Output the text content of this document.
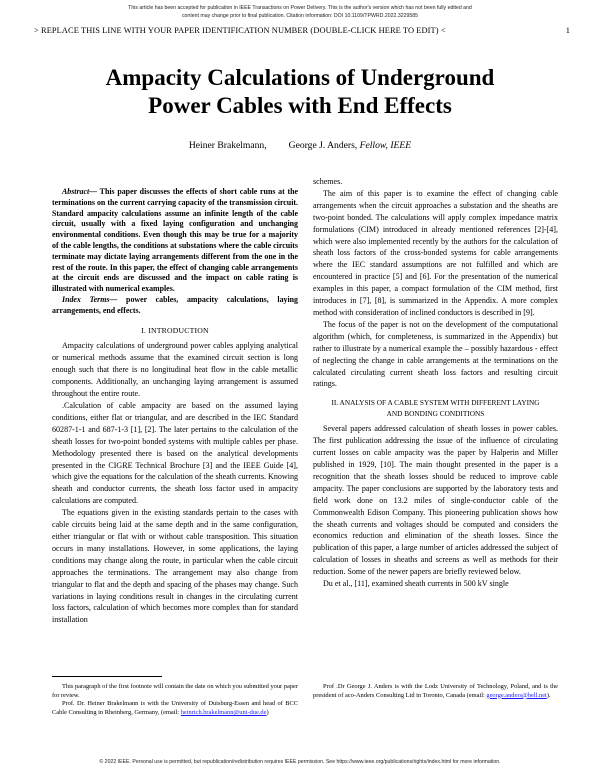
This article has been accepted for publication in IEEE Transactions on Power Delivery. This is the author's version which has not been fully edited and
content may change prior to final publication. Citation information: DOI 10.1109/TPWRD.2022.3229585
> REPLACE THIS LINE WITH YOUR PAPER IDENTIFICATION NUMBER (DOUBLE-CLICK HERE TO EDIT) <	1
Ampacity Calculations of Underground
Power Cables with End Effects
Heiner Brakelmann, George J. Anders, Fellow, IEEE

Abstract— This paper discusses the effects of short cable runs at the terminations on the current carrying capacity of the transmission circuit. Standard ampacity calculations assume an infinite length of the cable circuit, usually with a fixed laying configuration and unchanging environmental conditions. Even though this may be true for a majority of the cable lengths, the conditions at substations where the cable circuits terminate may dictate laying arrangements different from the one in the rest of the route. In this paper, the effect of changing cable arrangements at the circuit ends are discussed and the impact on cable rating is illustrated with numerical examples.

Index Terms— power cables, ampacity calculations, laying arrangements, end effects.

I. INTRODUCTION

Ampacity calculations of underground power cables applying analytical or numerical methods assume that the examined circuit section is long enough such that there is no longitudinal heat flow in the cable metallic components. Additionally, an unchanging laying arrangement is assumed throughout the entire route.

.Calculation of cable ampacity are based on the assumed laying conditions, either flat or triangular, and are described in the IEC Standard 60287-1-1 and 687-1-3 [1], [2]. The later pertains to the calculation of the sheath losses for two-point bonded systems with multiple cables per phase. Methodology presented there is based on the analytical developments presented in the CIGRE Technical Brochure [3] and the IEEE Guide [4], which give the equations for the calculation of the sheath currents. Knowing sheath and conductor currents, the sheath loss factor used in ampacity calculations are computed.

The equations given in the existing standards pertain to the cases with cable circuits being laid at the same depth and in the same configuration, either triangular or flat with or without cable transposition. This situation occurs in many installations. However, in some applications, the laying conditions may change along the route, in particular when the cable circuit approaches the terminations. The arrangement may also change from triangular to flat and the depth and spacing of the phases may change. Such variations in laying conditions result in changes in the circulating current loss factors, calculation of which becomes more complex than for standard installation

schemes.

The aim of this paper is to examine the effect of changing cable arrangements when the circuit approaches a substation and the sheaths are two-point bonded. The calculations will apply complex impedance matrix formulations (CIM) introduced in already mentioned references [2]-[4], which were also implemented recently by the authors for the calculation of sheath loss factors of the cross-bonded systems for cable arrangements where the IEC standard assumptions are not fulfilled and which are encountered in practice [5] and [6]. For the presentation of the numerical examples in this paper, a compact formulation of the CIM method, first introduces in [7], [8], is summarized in the Appendix. A more complex method with consideration of inclined conductors is described in [9].

The focus of the paper is not on the development of the computational algorithm (which, for completeness, is summarized in the Appendix) but rather to illustrate by a numerical example the – possibly hazardous - effect of neglecting the change in cable arrangements at the terminations on the calculated circulating current sheath loss factors and resulting circuit ratings.

II. ANALYSIS OF A CABLE SYSTEM WITH DIFFERENT LAYING
AND BONDING CONDITIONS

Several papers addressed calculation of sheath losses in power cables. The first publication addressing the issue of the influence of circulating current losses on cable ampacity was the paper by Halperin and Miller published in 1929, [10]. The main thought presented in the paper is a recognition that the sheath losses should be reduced to improve cable ampacity. The paper conclusions are supported by the laboratory tests and field work done on 13.2 miles of single-conductor cable of the Commonwealth Edison Company. This pioneering publication shows how the sheath currents and voltages should be computed and considers the economics reduction and elimination of the sheath losses. Since the publication of this paper, a large number of articles addressed the subject of calculation of losses in sheaths and screens as well as methods for their reduction. Some of the newer papers are briefly reviewed below.

Du et al., [11], examined sheath currents in 500 kV single

This paragraph of the first footnote will contain the date on which you submitted your paper for review.

Prof. Dr. Heiner Brakelmann is with the University of Duisburg-Essen and head of BCC Cable Consulting in Rheinberg, Germany, (email: heinrich.brakelmann@uni-due.de)

Prof .Dr George J. Anders is with the Lodz University of Technology, Poland, and is the president of aco-Anders Consulting Ltd in Toronto, Canada (email: george.anders@bell.net).

© 2022 IEEE. Personal use is permitted, but republication/redistribution requires IEEE permission. See https://www.ieee.org/publications/rights/index.html for more information.
